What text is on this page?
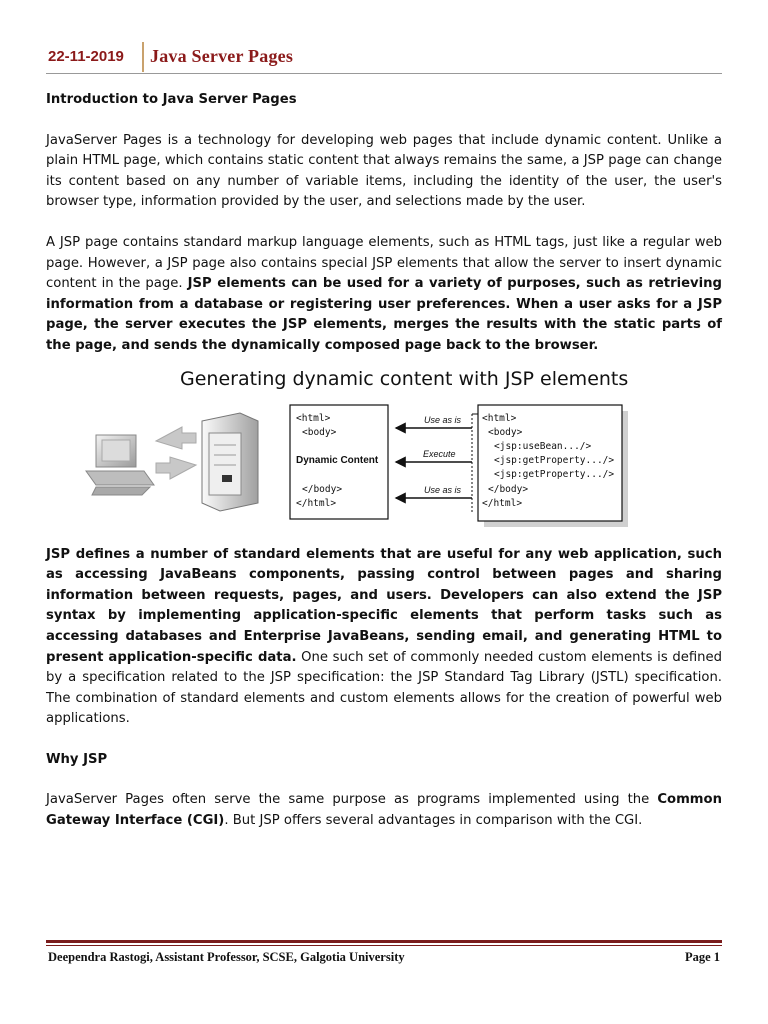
22-11-2019 Java Server Pages

Introduction to Java Server Pages

JavaServer Pages is a technology for developing web pages that include dynamic content. Unlike a plain HTML page, which contains static content that always remains the same, a JSP page can change its content based on any number of variable items, including the identity of the user, the user's browser type, information provided by the user, and selections made by the user.

A JSP page contains standard markup language elements, such as HTML tags, just like a regular web page. However, a JSP page also contains special JSP elements that allow the server to insert dynamic content in the page. JSP elements can be used for a variety of purposes, such as retrieving information from a database or registering user preferences. When a user asks for a JSP page, the server executes the JSP elements, merges the results with the static parts of the page, and sends the dynamically composed page back to the browser.

Generating dynamic content with JSP elements
<html>
<body>
Dynamic Content
</body>
</html>
Use as is
Execute
Use as is
<html>
<body>
<jsp:useBean.../>
<jsp:getProperty.../>
<jsp:getProperty.../>
</body>
</html>

JSP defines a number of standard elements that are useful for any web application, such as accessing JavaBeans components, passing control between pages and sharing information between requests, pages, and users. Developers can also extend the JSP syntax by implementing application-specific elements that perform tasks such as accessing databases and Enterprise JavaBeans, sending email, and generating HTML to present application-specific data. One such set of commonly needed custom elements is defined by a specification related to the JSP specification: the JSP Standard Tag Library (JSTL) specification. The combination of standard elements and custom elements allows for the creation of powerful web applications.

Why JSP

JavaServer Pages often serve the same purpose as programs implemented using the Common Gateway Interface (CGI). But JSP offers several advantages in comparison with the CGI.

Deependra Rastogi, Assistant Professor, SCSE, Galgotia University	Page 1
